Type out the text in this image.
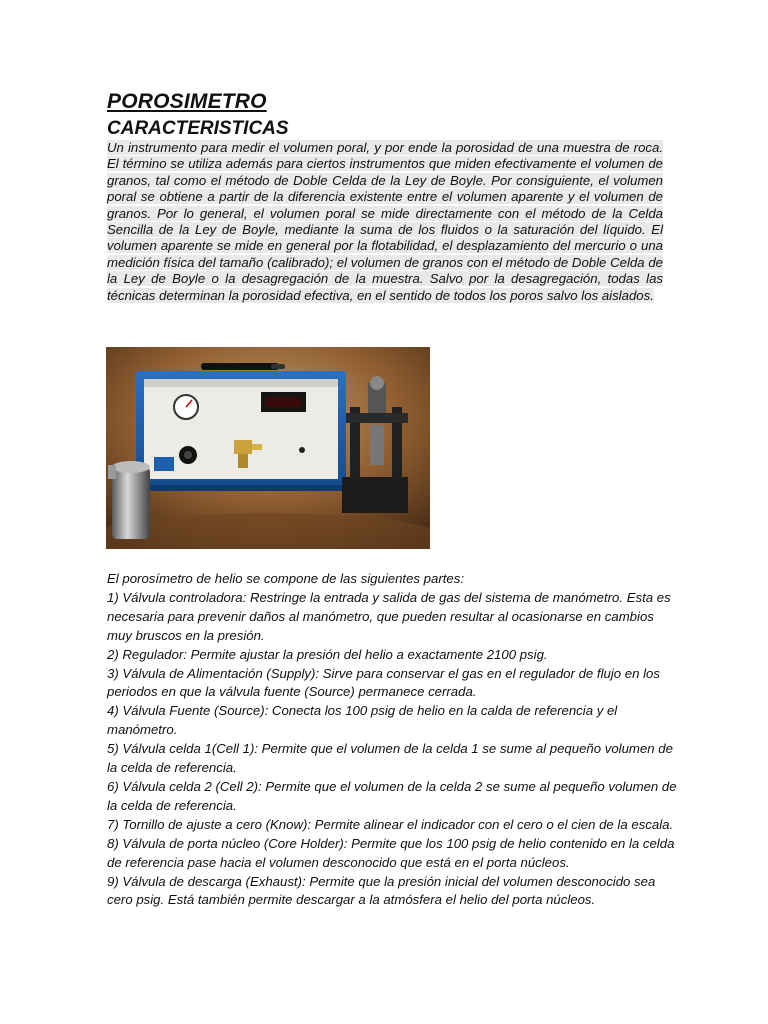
POROSIMETRO
CARACTERISTICAS

Un instrumento para medir el volumen poral, y por ende la porosidad de una muestra de roca. El término se utiliza además para ciertos instrumentos que miden efectivamente el volumen de granos, tal como el método de Doble Celda de la Ley de Boyle. Por consiguiente, el volumen poral se obtiene a partir de la diferencia existente entre el volumen aparente y el volumen de granos. Por lo general, el volumen poral se mide directamente con el método de la Celda Sencilla de la Ley de Boyle, mediante la suma de los fluidos o la saturación del líquido. El volumen aparente se mide en general por la flotabilidad, el desplazamiento del mercurio o una medición física del tamaño (calibrado); el volumen de granos con el método de Doble Celda de la Ley de Boyle o la desagregación de la muestra. Salvo por la desagregación, todas las técnicas determinan la porosidad efectiva, en el sentido de todos los poros salvo los aislados.

El porosímetro de helio se compone de las siguientes partes:

1) Válvula controladora: Restringe la entrada y salida de gas del sistema de manómetro. Esta es necesaria para prevenir daños al manómetro, que pueden resultar al ocasionarse en cambios muy bruscos en la presión.
2) Regulador: Permite ajustar la presión del helio a exactamente 2100 psig.
3) Válvula de Alimentación (Supply): Sirve para conservar el gas en el regulador de flujo en los periodos en que la válvula fuente (Source) permanece cerrada.
4) Válvula Fuente (Source): Conecta los 100 psig de helio en la calda de referencia y el manómetro.
5) Válvula celda 1(Cell 1): Permite que el volumen de la celda 1 se sume al pequeño volumen de la celda de referencia.
6) Válvula celda 2 (Cell 2): Permite que el volumen de la celda 2 se sume al pequeño volumen de la celda de referencia.
7) Tornillo de ajuste a cero (Know): Permite alinear el indicador con el cero o el cien de la escala.
8) Válvula de porta núcleo (Core Holder): Permite que los 100 psig de helio contenido en la celda de referencia pase hacia el volumen desconocido que está en el porta núcleos.
9) Válvula de descarga (Exhaust): Permite que la presión inicial del volumen desconocido sea cero psig. Está también permite descargar a la atmósfera el helio del porta núcleos.
